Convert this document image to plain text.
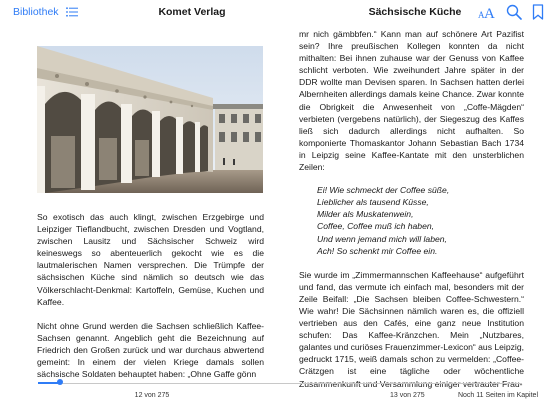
Bibliothek	Komet Verlag	Sächsische Küche	A A

So exotisch das auch klingt, zwischen Erzgebirge und Leipziger Tieflandbucht, zwischen Dresden und Vogtland, zwischen Lausitz und Sächsischer Schweiz wird keineswegs so abenteuerlich gekocht wie es die lautmalerischen Namen versprechen. Die Trümpfe der sächsischen Küche sind nämlich so deutsch wie das Völkerschlacht-Denkmal: Kartoffeln, Gemüse, Kuchen und Kaffee.

Nicht ohne Grund werden die Sachsen schließlich Kaffee-Sachsen genannt. Angeblich geht die Bezeichnung auf Friedrich den Großen zurück und war durchaus abwertend gemeint: In einem der vielen Kriege damals sollen sächsische Soldaten behauptet haben: „Ohne Gaffe gönn

mr nich gämbbfen.“ Kann man auf schönere Art Pazifist sein? Ihre preußischen Kollegen konnten da nicht mithalten: Bei ihnen zuhause war der Genuss von Kaffee schlicht verboten. Wie zweihundert Jahre später in der DDR wollte man Devisen sparen. In Sachsen hatten derlei Albernheiten allerdings damals keine Chance. Zwar konnte die Obrigkeit die Anwesenheit von „Coffe-Mägden“ verbieten (vergebens natürlich), der Siegeszug des Kaffes ließ sich dadurch allerdings nicht aufhalten. So komponierte Thomaskantor Johann Sebastian Bach 1734 in Leipzig seine Kaffee-Kantate mit den unsterblichen Zeilen:

Ei! Wie schmeckt der Coffee süße,
Lieblicher als tausend Küsse,
Milder als Muskatenwein,
Coffee, Coffee muß ich haben,
Und wenn jemand mich will laben,
Ach! So schenkt mir Coffee ein.

Sie wurde im „Zimmermannschen Kaffeehause“ aufgeführt und fand, das vermute ich einfach mal, besonders mit der Zeile Beifall: „Die Sachsen bleiben Coffee-Schwestern.“ Wie wahr! Die Sächsinnen nämlich waren es, die offiziell vertrieben aus den Cafés, eine ganz neue Institution schufen: Das Kaffee-Kränzchen. Mein „Nutzbares, galantes und curiöses Frauenzimmer-Lexicon“ aus Leipzig, gedruckt 1715, weiß damals schon zu vermelden: „Coffee-Crätzgen ist eine tägliche oder wöchentliche

12 von 275	13 von 275	Noch 11 Seiten im Kapitel
